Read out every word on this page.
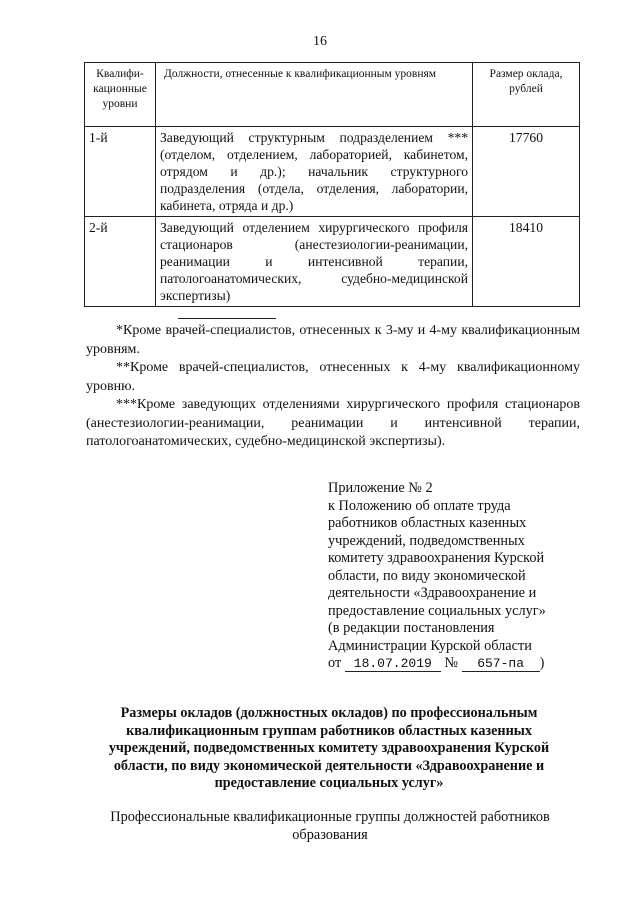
16
Квалифи-кационные уровни	Должности, отнесенные к квалификационным уровням	Размер оклада, рублей
1-й	Заведующий структурным подразделением *** (отделом, отделением, лабораторией, кабинетом, отрядом и др.); начальник структурного подразделения (отдела, отделения, лаборатории, кабинета, отряда и др.)	17760
2-й	Заведующий отделением хирургического профиля стационаров (анестезиологии-реанимации, реанимации и интенсивной терапии, патологоанатомических, судебно-медицинской экспертизы)	18410

*Кроме врачей-специалистов, отнесенных к 3-му и 4-му квалификационным уровням.

**Кроме врачей-специалистов, отнесенных к 4-му квалификационному уровню.

***Кроме заведующих отделениями хирургического профиля стационаров (анестезиологии-реанимации, реанимации и интенсивной терапии, патологоанатомических, судебно-медицинской экспертизы).

Приложение № 2

к Положению об оплате труда

работников областных казенных

учреждений, подведомственных

комитету здравоохранения Курской

области, по виду экономической

деятельности «Здравоохранение и

предоставление социальных услуг»

(в редакции постановления

Администрации Курской области

от 18.07.2019 № 657-па )

Размеры окладов (должностных окладов) по профессиональным квалификационным группам работников областных казенных учреждений, подведомственных комитету здравоохранения Курской области, по виду экономической деятельности «Здравоохранение и предоставление социальных услуг»

Профессиональные квалификационные группы должностей работников образования
